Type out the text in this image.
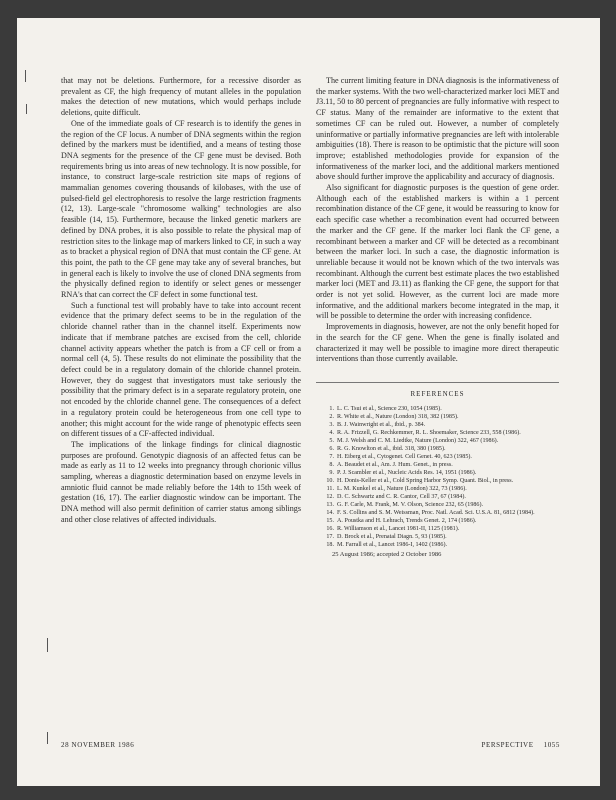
that may not be deletions. Furthermore, for a recessive disorder as prevalent as CF, the high frequency of mutant alleles in the population makes the detection of new mutations, which would perhaps include deletions, quite difficult.

One of the immediate goals of CF research is to identify the genes in the region of the CF locus. A number of DNA segments within the region defined by the markers must be identified, and a means of testing those DNA segments for the presence of the CF gene must be devised. Both requirements bring us into areas of new technology. It is now possible, for instance, to construct large-scale restriction site maps of regions of mammalian genomes covering thousands of kilobases, with the use of pulsed-field gel electrophoresis to resolve the large restriction fragments (12, 13). Large-scale "chromosome walking" technologies are also feasible (14, 15). Furthermore, because the linked genetic markers are defined by DNA probes, it is also possible to relate the physical map of restriction sites to the linkage map of markers linked to CF, in such a way as to bracket a physical region of DNA that must contain the CF gene. At this point, the path to the CF gene may take any of several branches, but in general each is likely to involve the use of cloned DNA segments from the physically defined region to identify or select genes or messenger RNA's that can correct the CF defect in some functional test.

Such a functional test will probably have to take into account recent evidence that the primary defect seems to be in the regulation of the chloride channel rather than in the channel itself. Experiments now indicate that if membrane patches are excised from the cell, chloride channel activity appears whether the patch is from a CF cell or from a normal cell (4, 5). These results do not eliminate the possibility that the defect could be in a regulatory domain of the chloride channel protein. However, they do suggest that investigators must take seriously the possibility that the primary defect is in a separate regulatory protein, one not encoded by the chloride channel gene. The consequences of a defect in a regulatory protein could be heterogeneous from one cell type to another; this might account for the wide range of phenotypic effects seen on different tissues of a CF-affected individual.

The implications of the linkage findings for clinical diagnostic purposes are profound. Genotypic diagnosis of an affected fetus can be made as early as 11 to 12 weeks into pregnancy through chorionic villus sampling, whereas a diagnostic determination based on enzyme levels in amniotic fluid cannot be made reliably before the 14th to 15th week of gestation (16, 17). The earlier diagnostic window can be important. The DNA method will also permit definition of carrier status among siblings and other close relatives of affected individuals.

The current limiting feature in DNA diagnosis is the informativeness of the marker systems. With the two well-characterized marker loci MET and J3.11, 50 to 80 percent of pregnancies are fully informative with respect to CF status. Many of the remainder are informative to the extent that sometimes CF can be ruled out. However, a number of completely uninformative or partially informative pregnancies are left with intolerable ambiguities (18). There is reason to be optimistic that the picture will soon improve; established methodologies provide for expansion of the informativeness of the marker loci, and the additional markers mentioned above should further improve the applicability and accuracy of diagnosis.

Also significant for diagnostic purposes is the question of gene order. Although each of the established markers is within a 1 percent recombination distance of the CF gene, it would be reassuring to know for each specific case whether a recombination event had occurred between the marker and the CF gene. If the marker loci flank the CF gene, a recombinant between a marker and CF will be detected as a recombinant between the marker loci. In such a case, the diagnostic information is unreliable because it would not be known which of the two intervals was recombinant. Although the current best estimate places the two established marker loci (MET and J3.11) as flanking the CF gene, the support for that order is not yet solid. However, as the current loci are made more informative, and the additional markers become integrated in the map, it will be possible to determine the order with increasing confidence.

Improvements in diagnosis, however, are not the only benefit hoped for in the search for the CF gene. When the gene is finally isolated and characterized it may well be possible to imagine more direct therapeutic interventions than those currently available.

REFERENCES
1. L. C. Tsui et al., Science 230, 1054 (1985).
2. R. White et al., Nature (London) 318, 382 (1985).
3. B. J. Wainwright et al., ibid., p. 384.
4. R. A. Frizzell, G. Rechkemmer, R. L. Shoemaker, Science 233, 558 (1986).
5. M. J. Welsh and C. M. Liedtke, Nature (London) 322, 467 (1986).
6. R. G. Knowlton et al., ibid. 318, 380 (1985).
7. H. Eiberg et al., Cytogenet. Cell Genet. 40, 623 (1985).
8. A. Beaudet et al., Am. J. Hum. Genet., in press.
9. P. J. Scambler et al., Nucleic Acids Res. 14, 1951 (1986).
10. H. Donis-Keller et al., Cold Spring Harbor Symp. Quant. Biol., in press.
11. L. M. Kunkel et al., Nature (London) 322, 73 (1986).
12. D. C. Schwartz and C. R. Cantor, Cell 37, 67 (1984).
13. G. F. Carle, M. Frank, M. V. Olson, Science 232, 65 (1986).
14. F. S. Collins and S. M. Weissman, Proc. Natl. Acad. Sci. U.S.A. 81, 6812 (1984).
15. A. Poustka and H. Lehrach, Trends Genet. 2, 174 (1986).
16. R. Williamson et al., Lancet 1981-II, 1125 (1981).
17. D. Brock et al., Prenatal Diagn. 5, 93 (1985).
18. M. Farrall et al., Lancet 1986-I, 1402 (1986).
25 August 1986; accepted 2 October 1986
28 NOVEMBER 1986	PERSPECTIVE 1055
